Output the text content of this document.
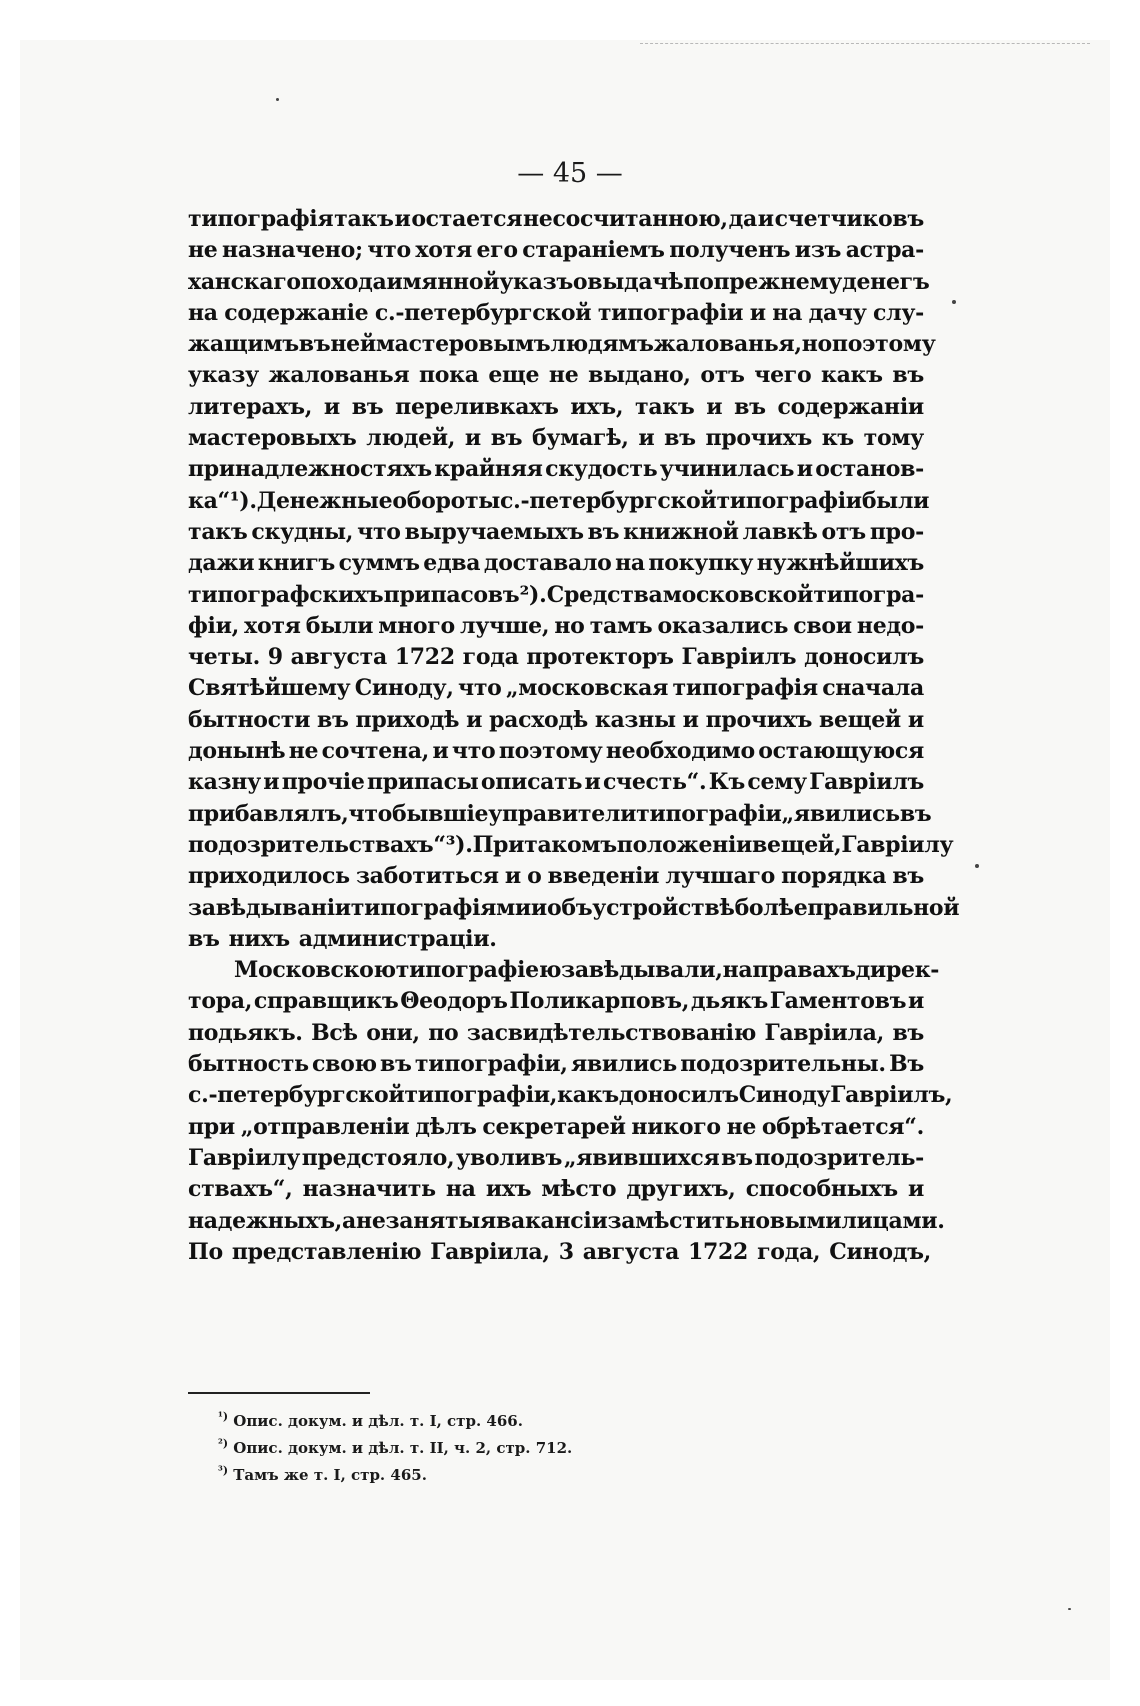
— 45 —
типографія такъ и остается несосчитанною, да и счетчиковъ
не назначено; что хотя его стараніемъ полученъ изъ астра-
ханскаго похода имянной указъ о выдачѣ по прежнему денегъ
на содержаніе с.-петербургской типографіи и на дачу слу-
жащимъ въ ней мастеровымъ людямъ жалованья, но по этому
указу жалованья пока еще не выдано, отъ чего какъ въ
литерахъ, и въ переливкахъ ихъ, такъ и въ содержаніи
мастеровыхъ людей, и въ бумагѣ, и въ прочихъ къ тому
принадлежностяхъ крайняя скудость учинилась и останов-
ка“ ¹). Денежные обороты с.-петербургской типографіи были
такъ скудны, что выручаемыхъ въ книжной лавкѣ отъ про-
дажи книгъ суммъ едва доставало на покупку нужнѣйшихъ
типографскихъ припасовъ ²). Средства московской типогра-
фіи, хотя были много лучше, но тамъ оказались свои недо-
четы. 9 августа 1722 года протекторъ Гавріилъ доносилъ
Святѣйшему Синоду, что „московская типографія сначала
бытности въ приходѣ и расходѣ казны и прочихъ вещей и
донынѣ не сочтена, и что поэтому необходимо остающуюся
казну и прочіе припасы описать и счесть“. Къ сему Гавріилъ
прибавлялъ, что бывшіе управители типографіи „явились въ
подозрительствахъ“ ³). При такомъ положеніи вещей, Гавріилу
приходилось заботиться и о введеніи лучшаго порядка въ
завѣдываніи типографіями и объ устройствѣ болѣе правильной
въ нихъ администраціи.
Московскою типографіею завѣдывали, на правахъ дирек-
тора, справщикъ Θеодоръ Поликарповъ, дьякъ Гаментовъ и
подьякъ. Всѣ они, по засвидѣтельствованію Гавріила, въ
бытность свою въ типографіи, явились подозрительны. Въ
с.-петербургской типографіи, какъ доносилъ Синоду Гавріилъ,
при „отправленіи дѣлъ секретарей никого не обрѣтается“.
Гавріилу предстояло, уволивъ „явившихся въ подозритель-
ствахъ“, назначить на ихъ мѣсто другихъ, способныхъ и
надежныхъ, а незанятыя вакансіи замѣстить новыми лицами.
По представленію Гавріила, 3 августа 1722 года, Синодъ,
$^{^1)}$ Опис. докум. и дѣл. т. I, стр. 466.
$^{^2)}$ Опис. докум. и дѣл. т. II, ч. 2, стр. 712.
$^{^3)}$ Тамъ же т. I, стр. 465.
